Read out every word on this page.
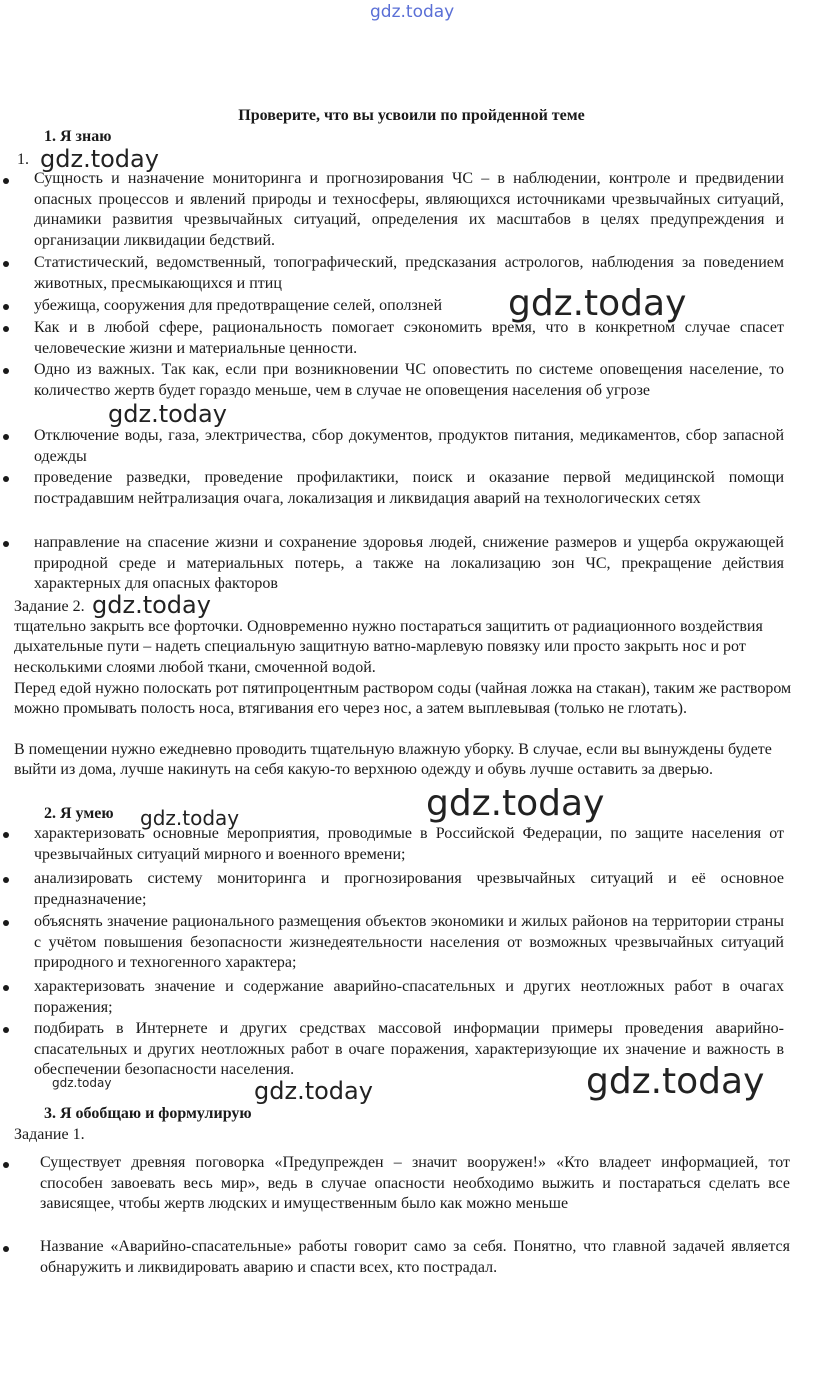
gdz.today
gdz.today
gdz.today
gdz.today
gdz.today
gdz.today
gdz.today
gdz.today
gdz.today	gdz.today
Проверите, что вы усвоили по пройденной теме
1. Я знаю
1.
Сущность и назначение мониторинга и прогнозирования ЧС – в наблюдении, контроле и предвидении опасных процессов и явлений природы и техносферы, являющихся источниками чрезвычайных ситуаций, динамики развития чрезвычайных ситуаций, определения их масштабов в целях предупреждения и организации ликвидации бедствий.
Статистический, ведомственный, топографический, предсказания астрологов, наблюдения за поведением животных, пресмыкающихся и птиц
убежища, сооружения для предотвращение селей, оползней
Как и в любой сфере, рациональность помогает сэкономить время, что в конкретном случае спасет человеческие жизни и материальные ценности.
Одно из важных. Так как, если при возникновении ЧС оповестить по системе оповещения население, то количество жертв будет гораздо меньше, чем в случае не оповещения населения об угрозе
Отключение воды, газа, электричества, сбор документов, продуктов питания, медикаментов, сбор запасной одежды
проведение разведки, проведение профилактики, поиск и оказание первой медицинской помощи пострадавшим нейтрализация очага, локализация и ликвидация аварий на технологических сетях
направление на спасение жизни и сохранение здоровья людей, снижение размеров и ущерба окружающей природной среде и материальных потерь, а также на локализацию зон ЧС, прекращение действия характерных для опасных факторов
Задание 2.
тщательно закрыть все форточки. Одновременно нужно постараться защитить от радиационного воздействия дыхательные пути – надеть специальную защитную ватно-марлевую повязку или просто закрыть нос и рот несколькими слоями любой ткани, смоченной водой.
Перед едой нужно полоскать рот пятипроцентным раствором соды (чайная ложка на стакан), таким же раствором можно промывать полость носа, втягивания его через нос, а затем выплевывая (только не глотать).
В помещении нужно ежедневно проводить тщательную влажную уборку. В случае, если вы вынуждены будете выйти из дома, лучше накинуть на себя какую-то верхнюю одежду и обувь лучше оставить за дверью.
2. Я умею
характеризовать основные мероприятия, проводимые в Российской Федерации, по защите населения от чрезвычайных ситуаций мирного и военного времени;
анализировать систему мониторинга и прогнозирования чрезвычайных ситуаций и её основное предназначение;
объяснять значение рационального размещения объектов экономики и жилых районов на территории страны с учётом повышения безопасности жизнедеятельности населения от возможных чрезвычайных ситуаций природного и техногенного характера;
характеризовать значение и содержание аварийно-спасательных и других неотложных работ в очагах поражения;
подбирать в Интернете и других средствах массовой информации примеры проведения аварийно-спасательных и других неотложных работ в очаге поражения, характеризующие их значение и важность в обеспечении безопасности населения.
3. Я обобщаю и формулирую
Задание 1.
Существует древняя поговорка «Предупрежден – значит вооружен!» «Кто владеет информацией, тот способен завоевать весь мир», ведь в случае опасности необходимо выжить и постараться сделать все зависящее, чтобы жертв людских и имущественным было как можно меньше
Название «Аварийно-спасательные» работы говорит само за себя. Понятно, что главной задачей является обнаружить и ликвидировать аварию и спасти всех, кто пострадал.
